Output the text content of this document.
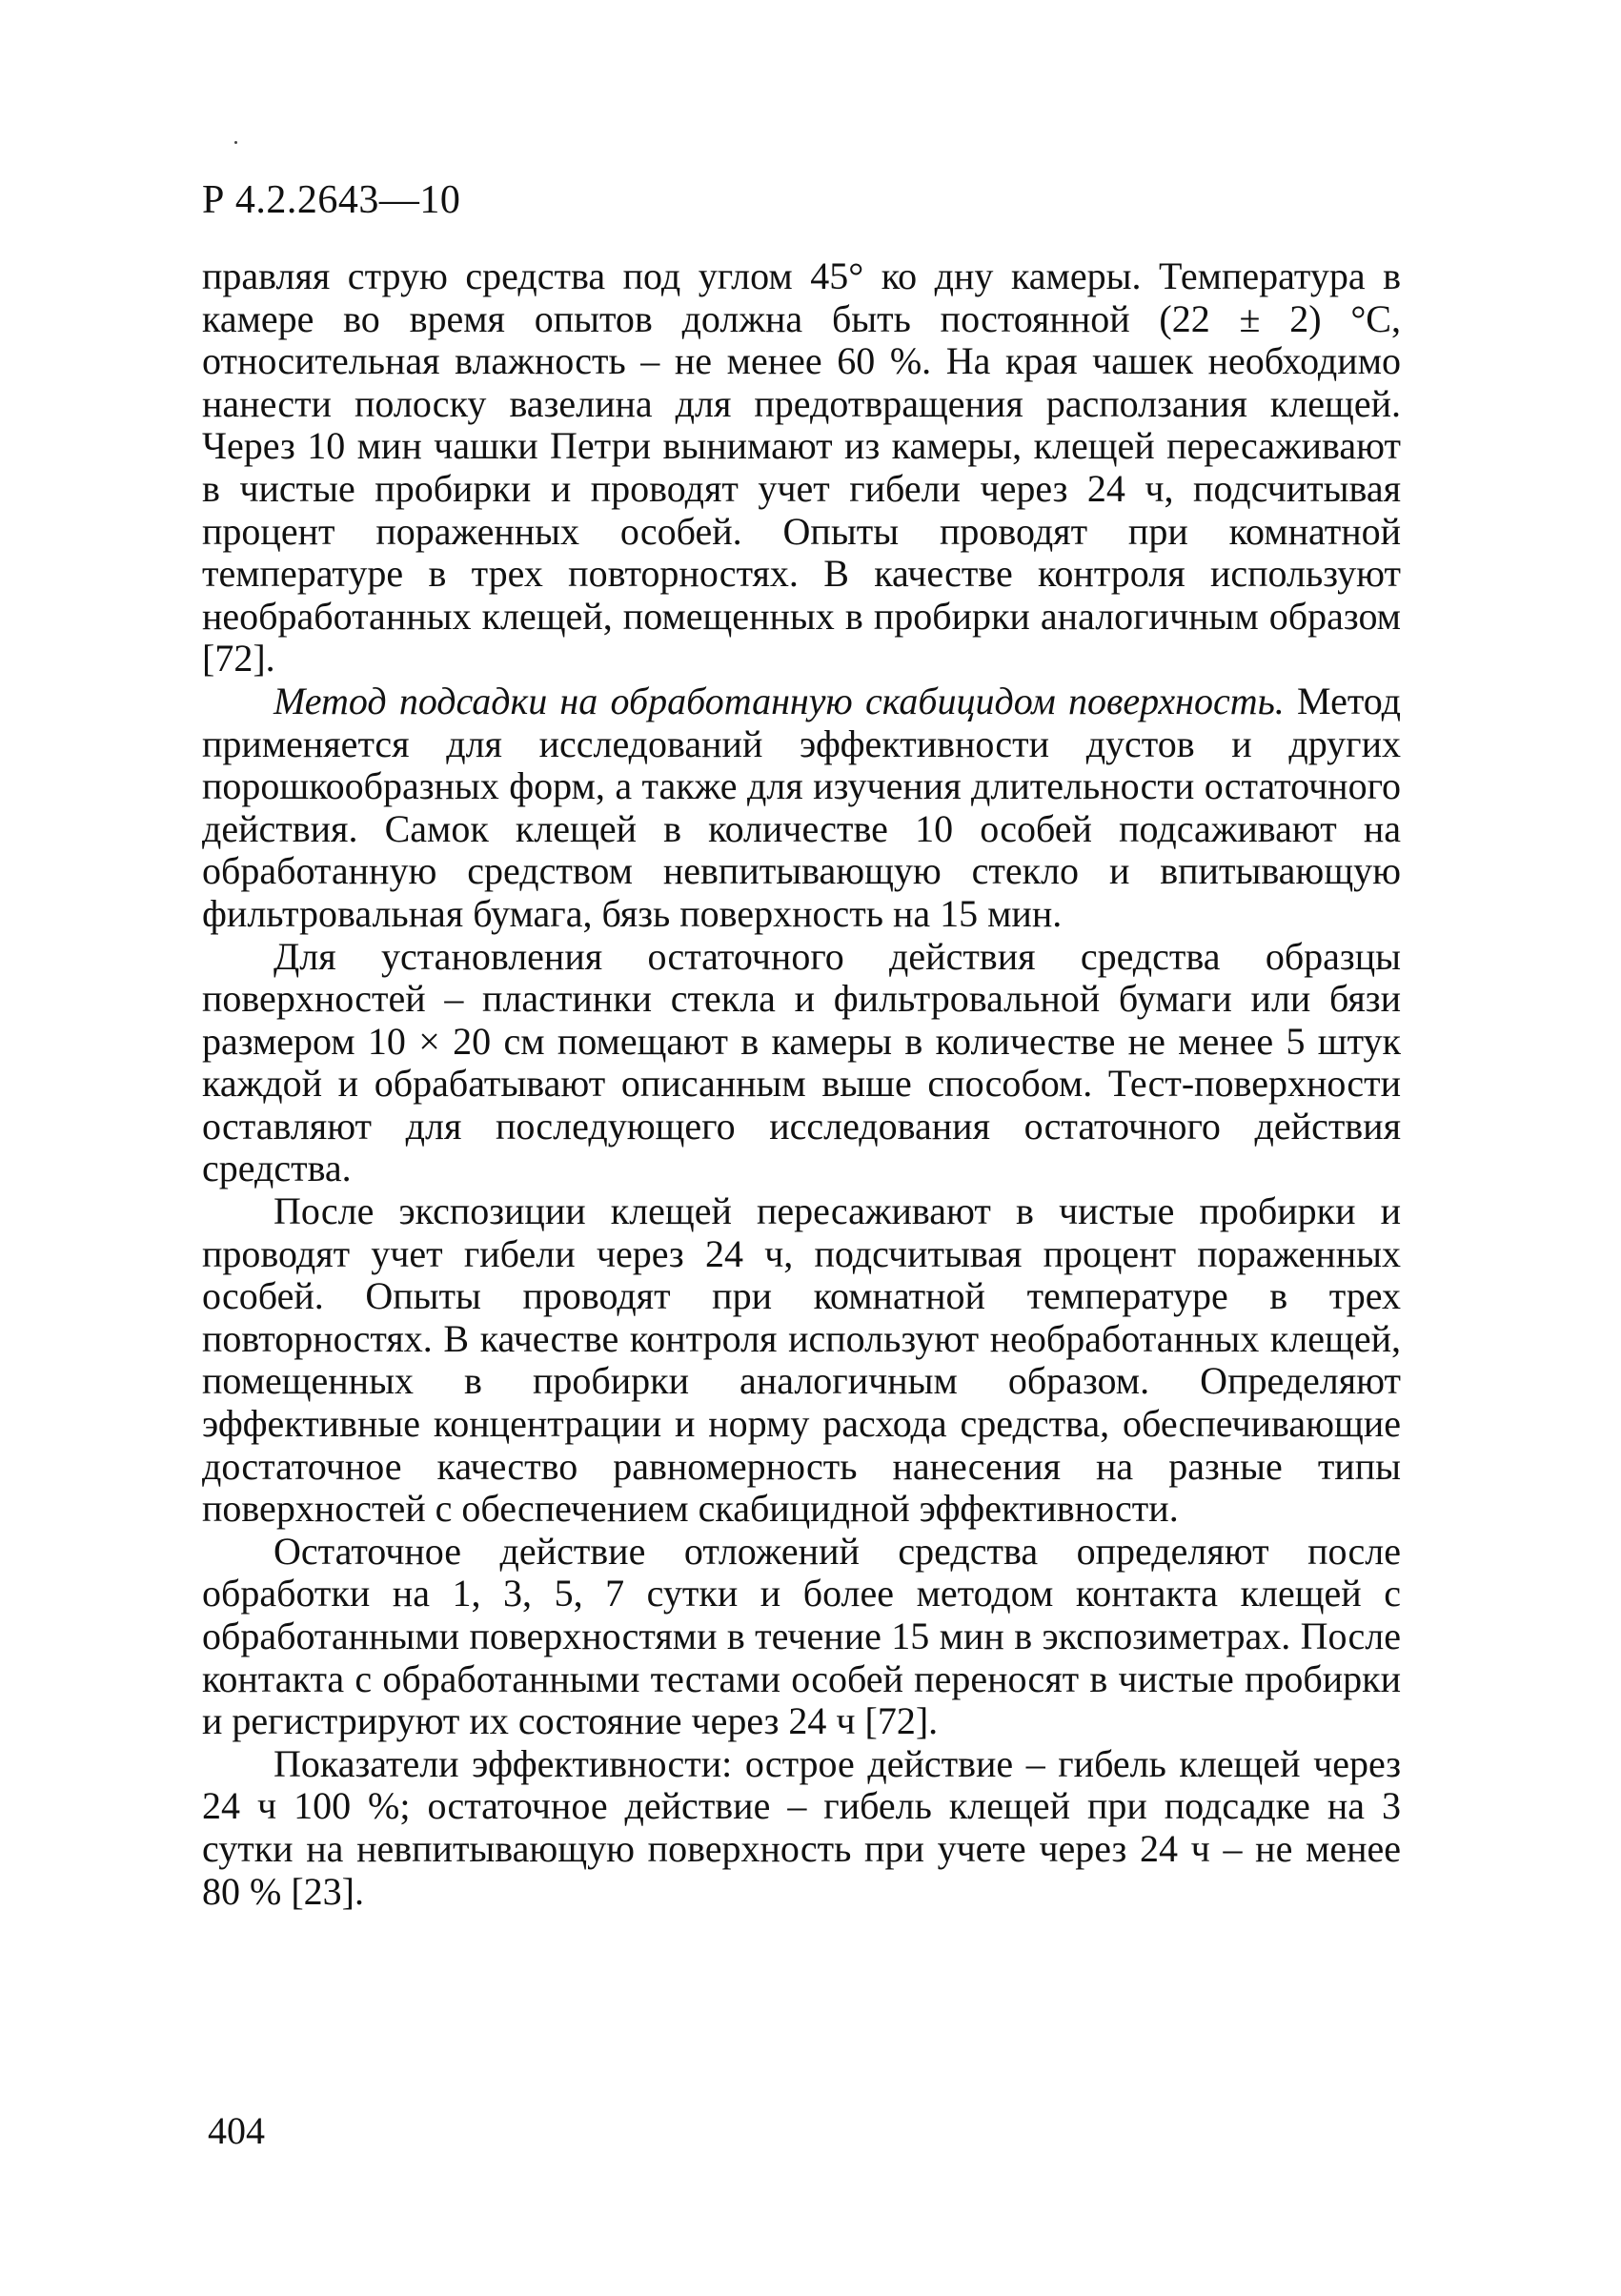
Р 4.2.2643—10

правляя струю средства под углом 45° ко дну камеры. Температура в камере во время опытов должна быть постоянной (22 ± 2) °С, относительная влажность – не менее 60 %. На края чашек необходимо нанести полоску вазелина для предотвращения расползания клещей. Через 10 мин чашки Петри вынимают из камеры, клещей пересаживают в чистые пробирки и проводят учет гибели через 24 ч, подсчитывая процент пораженных особей. Опыты проводят при комнатной температуре в трех повторностях. В качестве контроля используют необработанных клещей, помещенных в пробирки аналогичным образом [72].

Метод подсадки на обработанную скабицидом поверхность. Метод применяется для исследований эффективности дустов и других порошкообразных форм, а также для изучения длительности остаточного действия. Самок клещей в количестве 10 особей подсаживают на обработанную средством невпитывающую стекло и впитывающую фильтровальная бумага, бязь поверхность на 15 мин.

Для установления остаточного действия средства образцы поверхностей – пластинки стекла и фильтровальной бумаги или бязи размером 10 × 20 см помещают в камеры в количестве не менее 5 штук каждой и обрабатывают описанным выше способом. Тест-поверхности оставляют для последующего исследования остаточного действия средства.

После экспозиции клещей пересаживают в чистые пробирки и проводят учет гибели через 24 ч, подсчитывая процент пораженных особей. Опыты проводят при комнатной температуре в трех повторностях. В качестве контроля используют необработанных клещей, помещенных в пробирки аналогичным образом. Определяют эффективные концентрации и норму расхода средства, обеспечивающие достаточное качество равномерность нанесения на разные типы поверхностей с обеспечением скабицидной эффективности.

Остаточное действие отложений средства определяют после обработки на 1, 3, 5, 7 сутки и более методом контакта клещей с обработанными поверхностями в течение 15 мин в экспозиметрах. После контакта с обработанными тестами особей переносят в чистые пробирки и регистрируют их состояние через 24 ч [72].

Показатели эффективности: острое действие – гибель клещей через 24 ч 100 %; остаточное действие – гибель клещей при подсадке на 3 сутки на невпитывающую поверхность при учете через 24 ч – не менее 80 % [23].

404
